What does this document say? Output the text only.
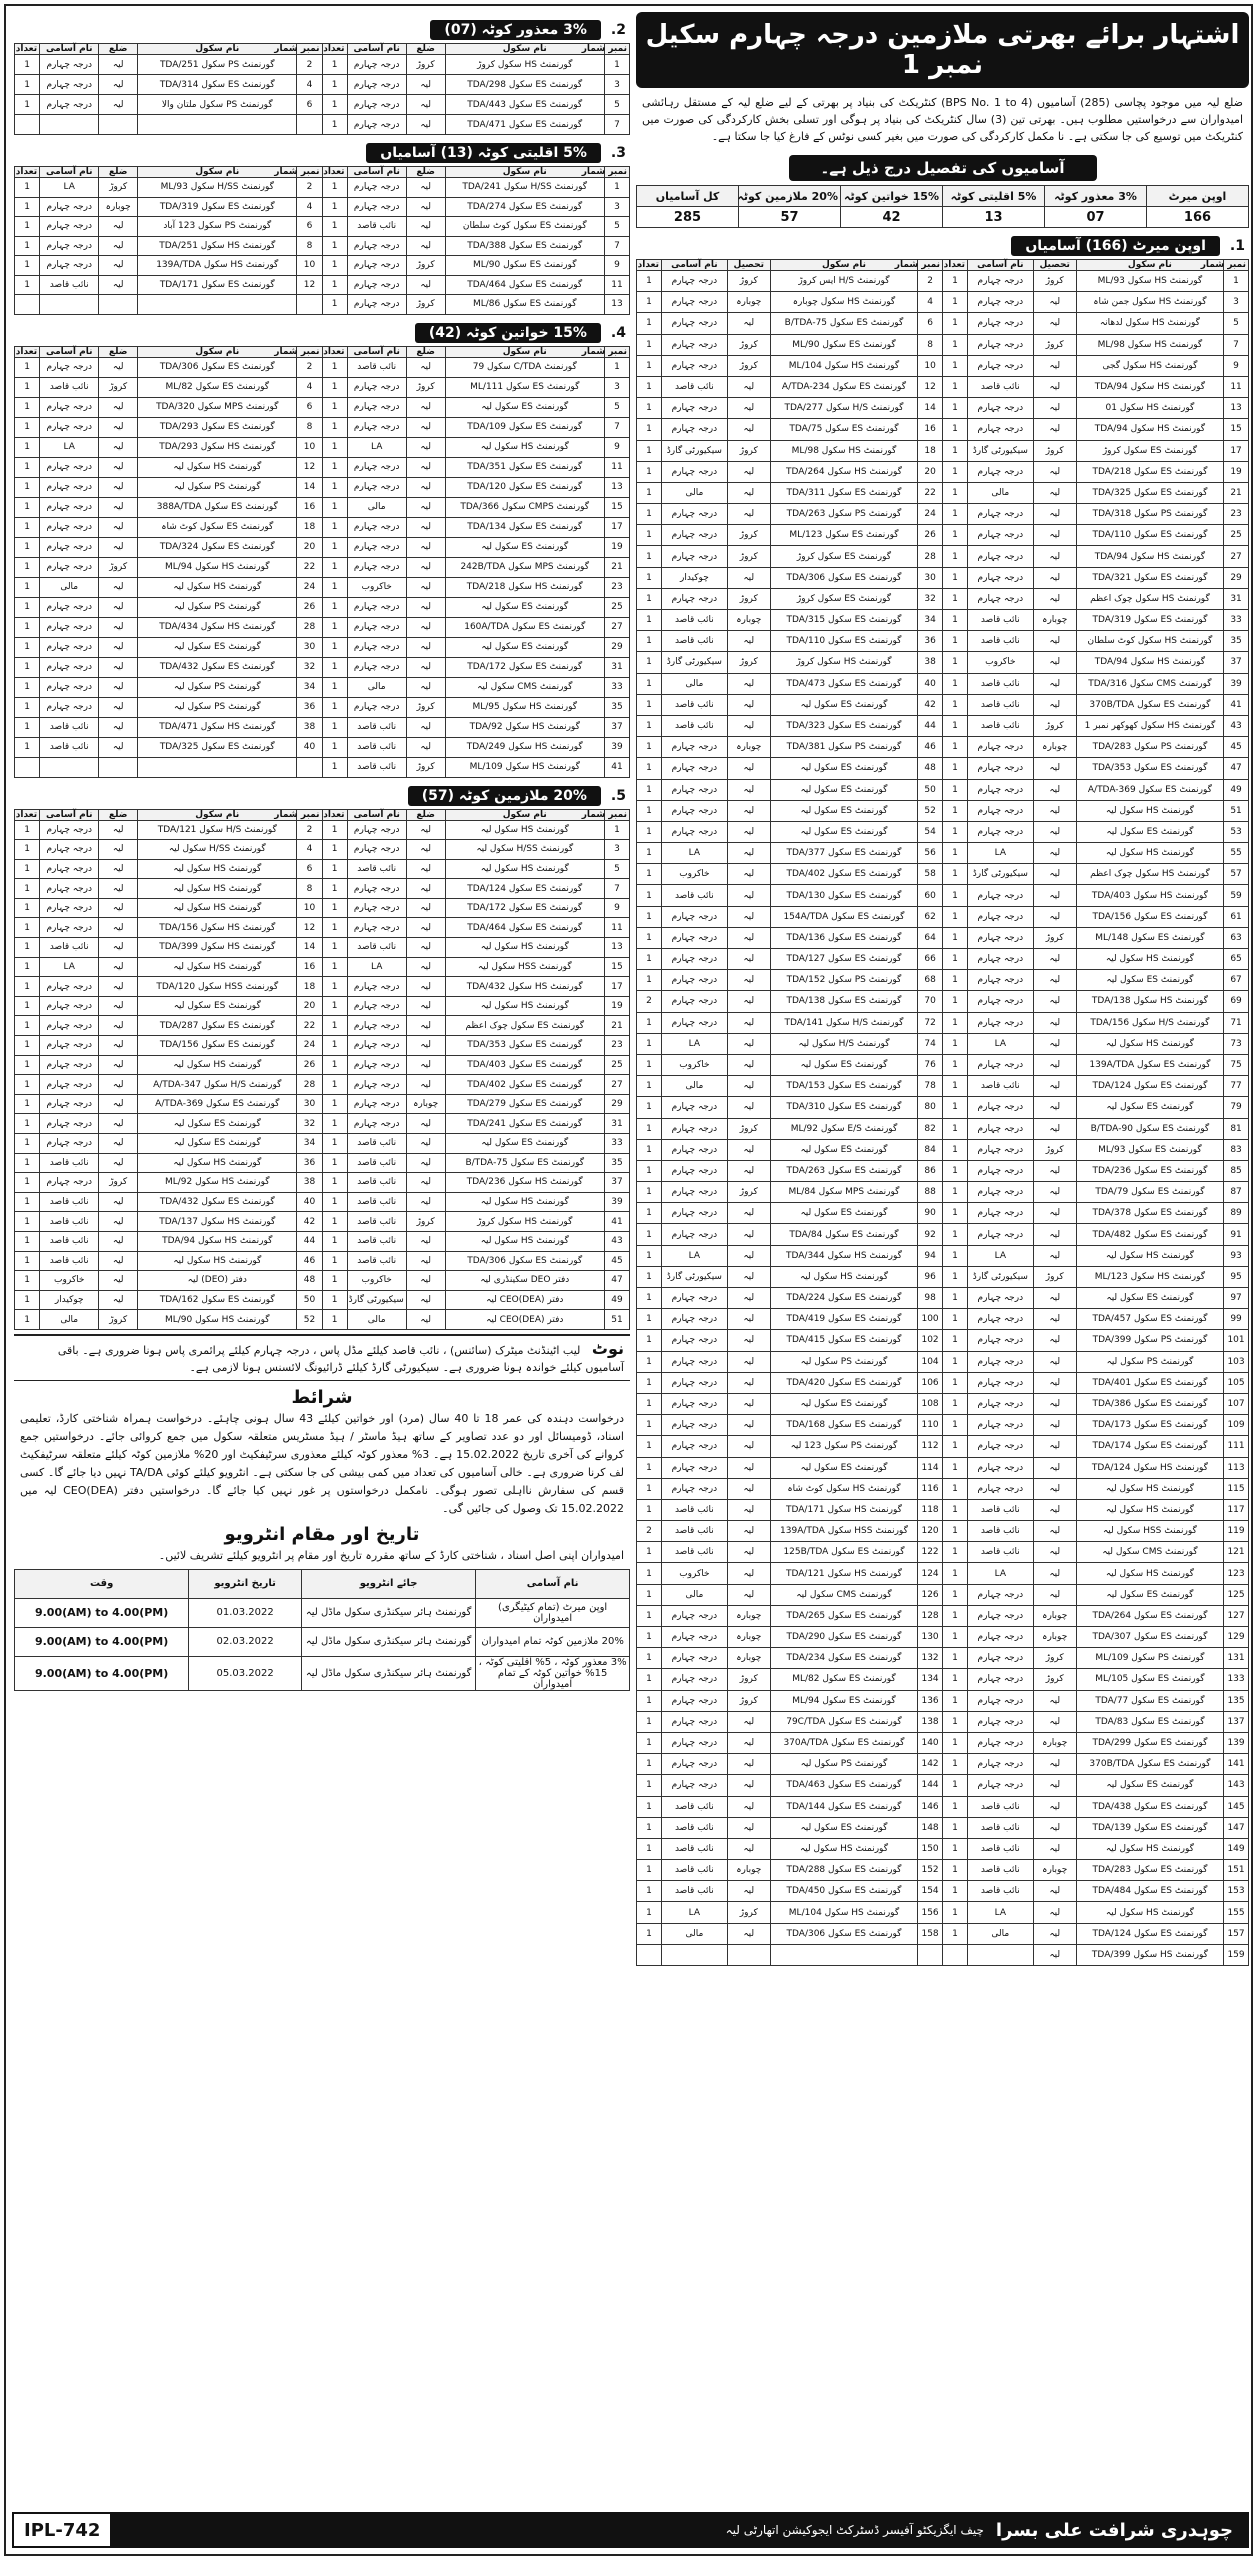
اشتہار برائے بھرتی ملازمین درجہ چہارم سکیل نمبر 1
ضلع لیہ میں موجود پچاسی (285) آسامیوں (BPS No. 1 to 4) کنٹریکٹ کی بنیاد پر بھرتی کے لیے ضلع لیہ کے مستقل رہائشی امیدواران سے درخواستیں مطلوب ہیں۔ بھرتی تین (3) سال کنٹریکٹ کی بنیاد پر ہوگی اور تسلی بخش کارکردگی کی صورت میں کنٹریکٹ میں توسیع کی جا سکتی ہے۔ نا مکمل کارکردگی کی صورت میں بغیر کسی نوٹس کے فارغ کیا جا سکتا ہے۔
آسامیوں کی تفصیل درج ذیل ہے۔
اوپن میرٹ	3% معذور کوٹہ	5% اقلیتی کوٹہ	15% خواتین کوٹہ	20% ملازمین کوٹہ	کل آسامیاں
166	07	13	42	57	285
1.
اوپن میرٹ (166) آسامیاں
نمبر شمار	نام سکول	تحصیل	نام آسامی	تعداد	نمبر شمار	نام سکول	تحصیل	نام آسامی	تعداد
1	گورنمنٹ HS سکول 93/ML	کروڑ	درجہ چہارم	1	2	گورنمنٹ H/S ایس کروڑ	کروڑ	درجہ چہارم	1
3	گورنمنٹ HS سکول جمن شاہ	لیہ	درجہ چہارم	1	4	گورنمنٹ HS سکول چوبارہ	چوبارہ	درجہ چہارم	1
5	گورنمنٹ HS سکول لدھانہ	لیہ	درجہ چہارم	1	6	گورنمنٹ ES سکول 75-B/TDA	لیہ	درجہ چہارم	1
7	گورنمنٹ HS سکول 98/ML	کروڑ	درجہ چہارم	1	8	گورنمنٹ ES سکول 90/ML	کروڑ	درجہ چہارم	1
9	گورنمنٹ HS سکول گجی	لیہ	درجہ چہارم	1	10	گورنمنٹ HS سکول 104/ML	کروڑ	درجہ چہارم	1
11	گورنمنٹ HS سکول 94/TDA	لیہ	نائب قاصد	1	12	گورنمنٹ ES سکول A/TDA-234	لیہ	نائب قاصد	1
13	گورنمنٹ HS سکول 01	لیہ	درجہ چہارم	1	14	گورنمنٹ H/S سکول 277/TDA	لیہ	درجہ چہارم	1
15	گورنمنٹ HS سکول 94/TDA	لیہ	درجہ چہارم	1	16	گورنمنٹ ES سکول 75/TDA	لیہ	درجہ چہارم	1
17	گورنمنٹ ES سکول کروڑ	کروڑ	سیکیورٹی گارڈ	1	18	گورنمنٹ HS سکول 98/ML	کروڑ	سیکیورٹی گارڈ	1
19	گورنمنٹ ES سکول 218/TDA	لیہ	درجہ چہارم	1	20	گورنمنٹ HS سکول 264/TDA	لیہ	درجہ چہارم	1
21	گورنمنٹ ES سکول 325/TDA	لیہ	مالی	1	22	گورنمنٹ ES سکول 311/TDA	لیہ	مالی	1
23	گورنمنٹ PS سکول 318/TDA	لیہ	درجہ چہارم	1	24	گورنمنٹ PS سکول 263/TDA	لیہ	درجہ چہارم	1
25	گورنمنٹ ES سکول 110/TDA	لیہ	درجہ چہارم	1	26	گورنمنٹ ES سکول 123/ML	کروڑ	درجہ چہارم	1
27	گورنمنٹ HS سکول 94/TDA	لیہ	درجہ چہارم	1	28	گورنمنٹ ES سکول کروڑ	کروڑ	درجہ چہارم	1
29	گورنمنٹ ES سکول 321/TDA	لیہ	درجہ چہارم	1	30	گورنمنٹ ES سکول 306/TDA	لیہ	چوکیدار	1
31	گورنمنٹ HS سکول چوک اعظم	لیہ	درجہ چہارم	1	32	گورنمنٹ ES سکول کروڑ	کروڑ	درجہ چہارم	1
33	گورنمنٹ ES سکول 319/TDA	چوبارہ	نائب قاصد	1	34	گورنمنٹ ES سکول 315/TDA	چوبارہ	نائب قاصد	1
35	گورنمنٹ HS سکول کوٹ سلطان	لیہ	نائب قاصد	1	36	گورنمنٹ ES سکول 110/TDA	لیہ	نائب قاصد	1
37	گورنمنٹ HS سکول 94/TDA	لیہ	خاکروب	1	38	گورنمنٹ HS سکول کروڑ	کروڑ	سیکیورٹی گارڈ	1
39	گورنمنٹ CMS سکول 316/TDA	لیہ	نائب قاصد	1	40	گورنمنٹ ES سکول 473/TDA	لیہ	مالی	1
41	گورنمنٹ ES سکول 370B/TDA	لیہ	نائب قاصد	1	42	گورنمنٹ ES سکول لیہ	لیہ	نائب قاصد	1
43	گورنمنٹ HS سکول کھوکھر نمبر 1	کروڑ	نائب قاصد	1	44	گورنمنٹ ES سکول 323/TDA	لیہ	نائب قاصد	1
45	گورنمنٹ PS سکول 283/TDA	چوبارہ	درجہ چہارم	1	46	گورنمنٹ PS سکول 381/TDA	چوبارہ	درجہ چہارم	1
47	گورنمنٹ ES سکول 353/TDA	لیہ	درجہ چہارم	1	48	گورنمنٹ ES سکول لیہ	لیہ	درجہ چہارم	1
49	گورنمنٹ ES سکول A/TDA-369	لیہ	درجہ چہارم	1	50	گورنمنٹ ES سکول لیہ	لیہ	درجہ چہارم	1
51	گورنمنٹ HS سکول لیہ	لیہ	درجہ چہارم	1	52	گورنمنٹ ES سکول لیہ	لیہ	درجہ چہارم	1
53	گورنمنٹ ES سکول لیہ	لیہ	درجہ چہارم	1	54	گورنمنٹ ES سکول لیہ	لیہ	درجہ چہارم	1
55	گورنمنٹ HS سکول لیہ	لیہ	LA	1	56	گورنمنٹ ES سکول 377/TDA	لیہ	LA	1
57	گورنمنٹ HS سکول چوک اعظم	لیہ	سیکیورٹی گارڈ	1	58	گورنمنٹ ES سکول 402/TDA	لیہ	خاکروب	1
59	گورنمنٹ HS سکول 403/TDA	لیہ	درجہ چہارم	1	60	گورنمنٹ ES سکول 130/TDA	لیہ	نائب قاصد	1
61	گورنمنٹ ES سکول 156/TDA	لیہ	درجہ چہارم	1	62	گورنمنٹ ES سکول 154A/TDA	لیہ	درجہ چہارم	1
63	گورنمنٹ ES سکول 148/ML	کروڑ	درجہ چہارم	1	64	گورنمنٹ ES سکول 136/TDA	لیہ	درجہ چہارم	1
65	گورنمنٹ HS سکول لیہ	لیہ	درجہ چہارم	1	66	گورنمنٹ ES سکول 127/TDA	لیہ	درجہ چہارم	1
67	گورنمنٹ ES سکول لیہ	لیہ	درجہ چہارم	1	68	گورنمنٹ PS سکول 152/TDA	لیہ	درجہ چہارم	1
69	گورنمنٹ HS سکول 138/TDA	لیہ	درجہ چہارم	1	70	گورنمنٹ ES سکول 138/TDA	لیہ	درجہ چہارم	2
71	گورنمنٹ H/S سکول 156/TDA	لیہ	درجہ چہارم	1	72	گورنمنٹ H/S سکول 141/TDA	لیہ	درجہ چہارم	1
73	گورنمنٹ HS سکول لیہ	لیہ	LA	1	74	گورنمنٹ H/S سکول لیہ	لیہ	LA	1
75	گورنمنٹ ES سکول 139A/TDA	لیہ	درجہ چہارم	1	76	گورنمنٹ ES سکول لیہ	لیہ	خاکروب	1
77	گورنمنٹ ES سکول 124/TDA	لیہ	نائب قاصد	1	78	گورنمنٹ ES سکول 153/TDA	لیہ	مالی	1
79	گورنمنٹ ES سکول لیہ	لیہ	درجہ چہارم	1	80	گورنمنٹ ES سکول 310/TDA	لیہ	درجہ چہارم	1
81	گورنمنٹ ES سکول 90-B/TDA	لیہ	درجہ چہارم	1	82	گورنمنٹ E/S سکول 92/ML	کروڑ	درجہ چہارم	1
83	گورنمنٹ ES سکول 93/ML	کروڑ	درجہ چہارم	1	84	گورنمنٹ ES سکول لیہ	لیہ	درجہ چہارم	1
85	گورنمنٹ ES سکول 236/TDA	لیہ	درجہ چہارم	1	86	گورنمنٹ ES سکول 263/TDA	لیہ	درجہ چہارم	1
87	گورنمنٹ ES سکول 79/TDA	لیہ	درجہ چہارم	1	88	گورنمنٹ MPS سکول 84/ML	کروڑ	درجہ چہارم	1
89	گورنمنٹ ES سکول 378/TDA	لیہ	درجہ چہارم	1	90	گورنمنٹ ES سکول لیہ	لیہ	درجہ چہارم	1
91	گورنمنٹ ES سکول 482/TDA	لیہ	درجہ چہارم	1	92	گورنمنٹ ES سکول 84/TDA	لیہ	درجہ چہارم	1
93	گورنمنٹ HS سکول لیہ	لیہ	LA	1	94	گورنمنٹ HS سکول 344/TDA	لیہ	LA	1
95	گورنمنٹ HS سکول 123/ML	کروڑ	سیکیورٹی گارڈ	1	96	گورنمنٹ HS سکول لیہ	لیہ	سیکیورٹی گارڈ	1
97	گورنمنٹ ES سکول لیہ	لیہ	درجہ چہارم	1	98	گورنمنٹ ES سکول 224/TDA	لیہ	درجہ چہارم	1
99	گورنمنٹ ES سکول 457/TDA	لیہ	درجہ چہارم	1	100	گورنمنٹ ES سکول 419/TDA	لیہ	درجہ چہارم	1
101	گورنمنٹ PS سکول 399/TDA	لیہ	درجہ چہارم	1	102	گورنمنٹ ES سکول 415/TDA	لیہ	درجہ چہارم	1
103	گورنمنٹ PS سکول لیہ	لیہ	درجہ چہارم	1	104	گورنمنٹ PS سکول لیہ	لیہ	درجہ چہارم	1
105	گورنمنٹ ES سکول 401/TDA	لیہ	درجہ چہارم	1	106	گورنمنٹ ES سکول 420/TDA	لیہ	درجہ چہارم	1
107	گورنمنٹ ES سکول 386/TDA	لیہ	درجہ چہارم	1	108	گورنمنٹ ES سکول لیہ	لیہ	درجہ چہارم	1
109	گورنمنٹ ES سکول 173/TDA	لیہ	درجہ چہارم	1	110	گورنمنٹ ES سکول 168/TDA	لیہ	درجہ چہارم	1
111	گورنمنٹ ES سکول 174/TDA	لیہ	درجہ چہارم	1	112	گورنمنٹ PS سکول 123 لیہ	لیہ	درجہ چہارم	1
113	گورنمنٹ HS سکول 124/TDA	لیہ	درجہ چہارم	1	114	گورنمنٹ ES سکول لیہ	لیہ	درجہ چہارم	1
115	گورنمنٹ HS سکول لیہ	لیہ	درجہ چہارم	1	116	گورنمنٹ HS سکول کوٹ شاہ	لیہ	درجہ چہارم	1
117	گورنمنٹ HS سکول لیہ	لیہ	نائب قاصد	1	118	گورنمنٹ HS سکول 171/TDA	لیہ	نائب قاصد	1
119	گورنمنٹ HSS سکول لیہ	لیہ	نائب قاصد	1	120	گورنمنٹ HSS سکول 139A/TDA	لیہ	نائب قاصد	2
121	گورنمنٹ CMS سکول لیہ	لیہ	نائب قاصد	1	122	گورنمنٹ ES سکول 125B/TDA	لیہ	نائب قاصد	1
123	گورنمنٹ HS سکول لیہ	لیہ	LA	1	124	گورنمنٹ HS سکول 121/TDA	لیہ	خاکروب	1
125	گورنمنٹ ES سکول لیہ	لیہ	درجہ چہارم	1	126	گورنمنٹ CMS سکول لیہ	لیہ	مالی	1
127	گورنمنٹ ES سکول 264/TDA	چوبارہ	درجہ چہارم	1	128	گورنمنٹ ES سکول 265/TDA	چوبارہ	درجہ چہارم	1
129	گورنمنٹ ES سکول 307/TDA	چوبارہ	درجہ چہارم	1	130	گورنمنٹ ES سکول 290/TDA	چوبارہ	درجہ چہارم	1
131	گورنمنٹ PS سکول 109/ML	کروڑ	درجہ چہارم	1	132	گورنمنٹ ES سکول 234/TDA	چوبارہ	درجہ چہارم	1
133	گورنمنٹ ES سکول 105/ML	کروڑ	درجہ چہارم	1	134	گورنمنٹ ES سکول 82/ML	کروڑ	درجہ چہارم	1
135	گورنمنٹ ES سکول 77/TDA	لیہ	درجہ چہارم	1	136	گورنمنٹ ES سکول 94/ML	کروڑ	درجہ چہارم	1
137	گورنمنٹ ES سکول 83/TDA	لیہ	درجہ چہارم	1	138	گورنمنٹ ES سکول 79C/TDA	لیہ	درجہ چہارم	1
139	گورنمنٹ ES سکول 299/TDA	چوبارہ	درجہ چہارم	1	140	گورنمنٹ ES سکول 370A/TDA	لیہ	درجہ چہارم	1
141	گورنمنٹ ES سکول 370B/TDA	لیہ	درجہ چہارم	1	142	گورنمنٹ PS سکول لیہ	لیہ	درجہ چہارم	1
143	گورنمنٹ ES سکول لیہ	لیہ	درجہ چہارم	1	144	گورنمنٹ ES سکول 463/TDA	لیہ	درجہ چہارم	1
145	گورنمنٹ ES سکول 438/TDA	لیہ	نائب قاصد	1	146	گورنمنٹ ES سکول 144/TDA	لیہ	نائب قاصد	1
147	گورنمنٹ ES سکول 139/TDA	لیہ	نائب قاصد	1	148	گورنمنٹ ES سکول لیہ	لیہ	نائب قاصد	1
149	گورنمنٹ HS سکول لیہ	لیہ	نائب قاصد	1	150	گورنمنٹ HS سکول لیہ	لیہ	نائب قاصد	1
151	گورنمنٹ ES سکول 283/TDA	چوبارہ	نائب قاصد	1	152	گورنمنٹ ES سکول 288/TDA	چوبارہ	نائب قاصد	1
153	گورنمنٹ ES سکول 484/TDA	لیہ	نائب قاصد	1	154	گورنمنٹ ES سکول 450/TDA	لیہ	نائب قاصد	1
155	گورنمنٹ HS سکول لیہ	لیہ	LA	1	156	گورنمنٹ HS سکول 104/ML	کروڑ	LA	1
157	گورنمنٹ ES سکول 124/TDA	لیہ	مالی	1	158	گورنمنٹ ES سکول 306/TDA	لیہ	مالی	1
159	گورنمنٹ HS سکول 399/TDA	لیہ							
2.
3% معذور کوٹہ (07)
نمبر شمار	نام سکول	ضلع	نام آسامی	تعداد	نمبر شمار	نام سکول	ضلع	نام آسامی	تعداد
1	گورنمنٹ HS سکول کروڑ	کروڑ	درجہ چہارم	1	2	گورنمنٹ PS سکول 251/TDA	لیہ	درجہ چہارم	1
3	گورنمنٹ ES سکول 298/TDA	لیہ	درجہ چہارم	1	4	گورنمنٹ ES سکول 314/TDA	لیہ	درجہ چہارم	1
5	گورنمنٹ ES سکول 443/TDA	لیہ	درجہ چہارم	1	6	گورنمنٹ PS سکول ملتان والا	لیہ	درجہ چہارم	1
7	گورنمنٹ ES سکول 471/TDA	لیہ	درجہ چہارم	1					
3.
5% اقلیتی کوٹہ (13) آسامیاں
نمبر شمار	نام سکول	ضلع	نام آسامی	تعداد	نمبر شمار	نام سکول	ضلع	نام آسامی	تعداد
1	گورنمنٹ H/SS سکول 241/TDA	لیہ	درجہ چہارم	1	2	گورنمنٹ H/SS سکول 93/ML	کروڑ	LA	1
3	گورنمنٹ ES سکول 274/TDA	لیہ	درجہ چہارم	1	4	گورنمنٹ ES سکول 319/TDA	چوبارہ	درجہ چہارم	1
5	گورنمنٹ ES سکول کوٹ سلطان	لیہ	نائب قاصد	1	6	گورنمنٹ PS سکول 123 آباد	لیہ	درجہ چہارم	1
7	گورنمنٹ ES سکول 388/TDA	لیہ	درجہ چہارم	1	8	گورنمنٹ HS سکول 251/TDA	لیہ	درجہ چہارم	1
9	گورنمنٹ ES سکول 90/ML	کروڑ	درجہ چہارم	1	10	گورنمنٹ HS سکول 139A/TDA	لیہ	درجہ چہارم	1
11	گورنمنٹ ES سکول 464/TDA	لیہ	درجہ چہارم	1	12	گورنمنٹ ES سکول 171/TDA	لیہ	نائب قاصد	1
13	گورنمنٹ ES سکول 86/ML	کروڑ	درجہ چہارم	1					
4.
15% خواتین کوٹہ (42)
نمبر شمار	نام سکول	ضلع	نام آسامی	تعداد	نمبر شمار	نام سکول	ضلع	نام آسامی	تعداد
1	گورنمنٹ C/TDA سکول 79	لیہ	نائب قاصد	1	2	گورنمنٹ ES سکول 306/TDA	لیہ	درجہ چہارم	1
3	گورنمنٹ ES سکول 111/ML	کروڑ	درجہ چہارم	1	4	گورنمنٹ ES سکول 82/ML	کروڑ	نائب قاصد	1
5	گورنمنٹ ES سکول لیہ	لیہ	درجہ چہارم	1	6	گورنمنٹ MPS سکول 320/TDA	لیہ	درجہ چہارم	1
7	گورنمنٹ ES سکول 109/TDA	لیہ	درجہ چہارم	1	8	گورنمنٹ ES سکول 293/TDA	لیہ	درجہ چہارم	1
9	گورنمنٹ HS سکول لیہ	لیہ	LA	1	10	گورنمنٹ HS سکول 293/TDA	لیہ	LA	1
11	گورنمنٹ ES سکول 351/TDA	لیہ	درجہ چہارم	1	12	گورنمنٹ HS سکول لیہ	لیہ	درجہ چہارم	1
13	گورنمنٹ ES سکول 120/TDA	لیہ	درجہ چہارم	1	14	گورنمنٹ PS سکول لیہ	لیہ	درجہ چہارم	1
15	گورنمنٹ CMPS سکول 366/TDA	لیہ	مالی	1	16	گورنمنٹ ES سکول 388A/TDA	لیہ	درجہ چہارم	1
17	گورنمنٹ ES سکول 134/TDA	لیہ	درجہ چہارم	1	18	گورنمنٹ ES سکول کوٹ شاہ	لیہ	درجہ چہارم	1
19	گورنمنٹ ES سکول لیہ	لیہ	درجہ چہارم	1	20	گورنمنٹ ES سکول 324/TDA	لیہ	درجہ چہارم	1
21	گورنمنٹ MPS سکول 242B/TDA	لیہ	درجہ چہارم	1	22	گورنمنٹ HS سکول 94/ML	کروڑ	درجہ چہارم	1
23	گورنمنٹ HS سکول 218/TDA	لیہ	خاکروب	1	24	گورنمنٹ HS سکول لیہ	لیہ	مالی	1
25	گورنمنٹ ES سکول لیہ	لیہ	درجہ چہارم	1	26	گورنمنٹ PS سکول لیہ	لیہ	درجہ چہارم	1
27	گورنمنٹ ES سکول 160A/TDA	لیہ	درجہ چہارم	1	28	گورنمنٹ HS سکول 434/TDA	لیہ	درجہ چہارم	1
29	گورنمنٹ ES سکول لیہ	لیہ	درجہ چہارم	1	30	گورنمنٹ ES سکول لیہ	لیہ	درجہ چہارم	1
31	گورنمنٹ ES سکول 172/TDA	لیہ	درجہ چہارم	1	32	گورنمنٹ ES سکول 432/TDA	لیہ	درجہ چہارم	1
33	گورنمنٹ CMS سکول لیہ	لیہ	مالی	1	34	گورنمنٹ PS سکول لیہ	لیہ	درجہ چہارم	1
35	گورنمنٹ HS سکول 95/ML	کروڑ	درجہ چہارم	1	36	گورنمنٹ PS سکول لیہ	لیہ	درجہ چہارم	1
37	گورنمنٹ HS سکول 92/TDA	لیہ	نائب قاصد	1	38	گورنمنٹ HS سکول 471/TDA	لیہ	نائب قاصد	1
39	گورنمنٹ HS سکول 249/TDA	لیہ	نائب قاصد	1	40	گورنمنٹ ES سکول 325/TDA	لیہ	نائب قاصد	1
41	گورنمنٹ HS سکول 109/ML	کروڑ	نائب قاصد	1					
5.
20% ملازمین کوٹہ (57)
نمبر شمار	نام سکول	ضلع	نام آسامی	تعداد	نمبر شمار	نام سکول	ضلع	نام آسامی	تعداد
1	گورنمنٹ HS سکول لیہ	لیہ	درجہ چہارم	1	2	گورنمنٹ H/S سکول 121/TDA	لیہ	درجہ چہارم	1
3	گورنمنٹ H/SS سکول لیہ	لیہ	درجہ چہارم	1	4	گورنمنٹ H/SS سکول لیہ	لیہ	درجہ چہارم	1
5	گورنمنٹ HS سکول لیہ	لیہ	نائب قاصد	1	6	گورنمنٹ HS سکول لیہ	لیہ	درجہ چہارم	1
7	گورنمنٹ ES سکول 124/TDA	لیہ	درجہ چہارم	1	8	گورنمنٹ HS سکول لیہ	لیہ	درجہ چہارم	1
9	گورنمنٹ ES سکول 172/TDA	لیہ	درجہ چہارم	1	10	گورنمنٹ HS سکول لیہ	لیہ	درجہ چہارم	1
11	گورنمنٹ ES سکول 464/TDA	لیہ	درجہ چہارم	1	12	گورنمنٹ HS سکول 156/TDA	لیہ	درجہ چہارم	1
13	گورنمنٹ HS سکول لیہ	لیہ	نائب قاصد	1	14	گورنمنٹ HS سکول 399/TDA	لیہ	نائب قاصد	1
15	گورنمنٹ HSS سکول لیہ	لیہ	LA	1	16	گورنمنٹ HS سکول لیہ	لیہ	LA	1
17	گورنمنٹ HS سکول 432/TDA	لیہ	درجہ چہارم	1	18	گورنمنٹ HSS سکول 120/TDA	لیہ	درجہ چہارم	1
19	گورنمنٹ HS سکول لیہ	لیہ	درجہ چہارم	1	20	گورنمنٹ ES سکول لیہ	لیہ	درجہ چہارم	1
21	گورنمنٹ ES سکول چوک اعظم	لیہ	درجہ چہارم	1	22	گورنمنٹ ES سکول 287/TDA	لیہ	درجہ چہارم	1
23	گورنمنٹ ES سکول 353/TDA	لیہ	درجہ چہارم	1	24	گورنمنٹ ES سکول 156/TDA	لیہ	درجہ چہارم	1
25	گورنمنٹ ES سکول 403/TDA	لیہ	درجہ چہارم	1	26	گورنمنٹ HS سکول لیہ	لیہ	درجہ چہارم	1
27	گورنمنٹ ES سکول 402/TDA	لیہ	درجہ چہارم	1	28	گورنمنٹ H/S سکول 347-A/TDA	لیہ	درجہ چہارم	1
29	گورنمنٹ ES سکول 279/TDA	چوبارہ	درجہ چہارم	1	30	گورنمنٹ ES سکول 369-A/TDA	لیہ	درجہ چہارم	1
31	گورنمنٹ ES سکول 241/TDA	لیہ	درجہ چہارم	1	32	گورنمنٹ ES سکول لیہ	لیہ	درجہ چہارم	1
33	گورنمنٹ ES سکول لیہ	لیہ	نائب قاصد	1	34	گورنمنٹ ES سکول لیہ	لیہ	درجہ چہارم	1
35	گورنمنٹ ES سکول 75-B/TDA	لیہ	نائب قاصد	1	36	گورنمنٹ HS سکول لیہ	لیہ	نائب قاصد	1
37	گورنمنٹ HS سکول 236/TDA	لیہ	نائب قاصد	1	38	گورنمنٹ HS سکول 92/ML	کروڑ	درجہ چہارم	1
39	گورنمنٹ HS سکول لیہ	لیہ	نائب قاصد	1	40	گورنمنٹ ES سکول 432/TDA	لیہ	نائب قاصد	1
41	گورنمنٹ HS سکول کروڑ	کروڑ	نائب قاصد	1	42	گورنمنٹ HS سکول 137/TDA	لیہ	نائب قاصد	1
43	گورنمنٹ HS سکول لیہ	لیہ	نائب قاصد	1	44	گورنمنٹ HS سکول 94/TDA	لیہ	نائب قاصد	1
45	گورنمنٹ ES سکول 306/TDA	لیہ	نائب قاصد	1	46	گورنمنٹ HS سکول لیہ	لیہ	نائب قاصد	1
47	دفتر DEO سکینڈری لیہ	لیہ	خاکروب	1	48	دفتر (DEO) لیہ	لیہ	خاکروب	1
49	دفتر (CEO(DEA لیہ	لیہ	سیکیورٹی گارڈ	1	50	گورنمنٹ ES سکول 162/TDA	لیہ	چوکیدار	1
51	دفتر CEO(DEA) لیہ	لیہ	مالی	1	52	گورنمنٹ HS سکول 90/ML	کروڑ	مالی	1
نوٹ لیب اٹینڈنٹ میٹرک (سائنس) ، نائب قاصد کیلئے مڈل پاس ، درجہ چہارم کیلئے پرائمری پاس ہونا ضروری ہے۔ باقی آسامیوں کیلئے خواندہ ہونا ضروری ہے۔ سیکیورٹی گارڈ کیلئے ڈرائیونگ لائسنس ہونا لازمی ہے۔
شرائط
درخواست دہندہ کی عمر 18 تا 40 سال (مرد) اور خواتین کیلئے 43 سال ہونی چاہئے۔ درخواست ہمراہ شناختی کارڈ، تعلیمی اسناد، ڈومیسائل اور دو عدد تصاویر کے ساتھ ہیڈ ماسٹر / ہیڈ مسٹریس متعلقہ سکول میں جمع کروائی جائے۔ درخواستیں جمع کروانے کی آخری تاریخ 15.02.2022 ہے۔ 3% معذور کوٹہ کیلئے معذوری سرٹیفکیٹ اور 20% ملازمین کوٹہ کیلئے متعلقہ سرٹیفکیٹ لف کرنا ضروری ہے۔ خالی آسامیوں کی تعداد میں کمی بیشی کی جا سکتی ہے۔ انٹرویو کیلئے کوئی TA/DA نہیں دیا جائے گا۔ کسی قسم کی سفارش نااہلی تصور ہوگی۔ نامکمل درخواستوں پر غور نہیں کیا جائے گا۔ درخواستیں دفتر CEO(DEA) لیہ میں 15.02.2022 تک وصول کی جائیں گی۔
تاریخ اور مقام انٹرویو
امیدواران اپنی اصل اسناد ، شناختی کارڈ کے ساتھ مقررہ تاریخ اور مقام پر انٹرویو کیلئے تشریف لائیں۔
نام آسامی	جائے انٹرویو	تاریخ انٹرویو	وقت
اوپن میرٹ (تمام کیٹیگری) امیدواران	گورنمنٹ ہائر سیکنڈری سکول ماڈل لیہ	01.03.2022	9.00(AM) to 4.00(PM)
20% ملازمین کوٹہ تمام امیدواران	گورنمنٹ ہائر سیکنڈری سکول ماڈل لیہ	02.03.2022	9.00(AM) to 4.00(PM)
3% معذور کوٹہ ، 5% اقلیتی کوٹہ ، 15% خواتین کوٹہ کے تمام امیدواران	گورنمنٹ ہائر سیکنڈری سکول ماڈل لیہ	05.03.2022	9.00(AM) to 4.00(PM)
IPL-742	چوہدری شرافت علی بسرا
چیف ایگزیکٹو آفیسر ڈسٹرکٹ ایجوکیشن اتھارٹی لیہ
